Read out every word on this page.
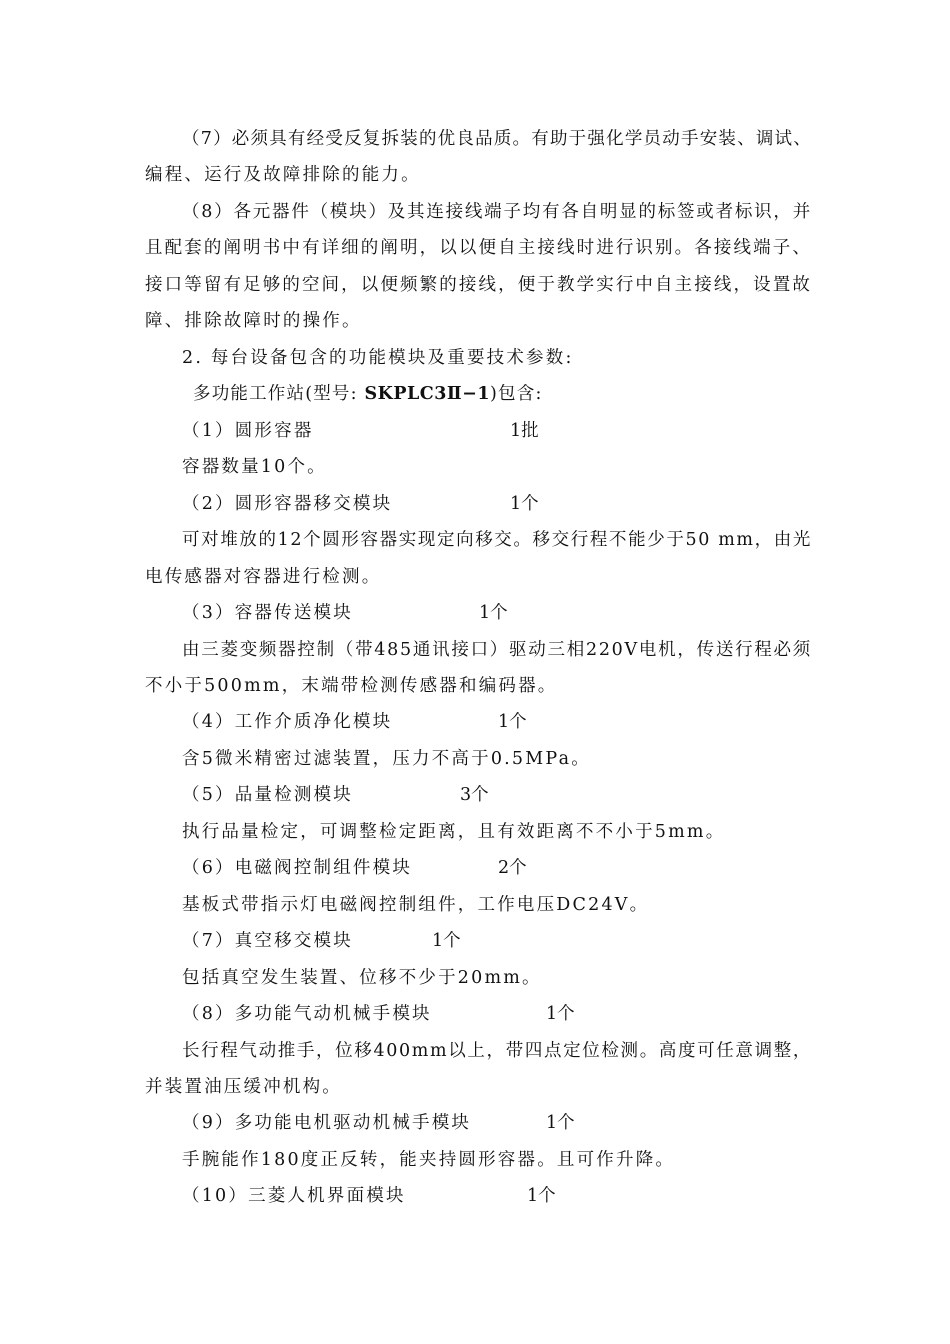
（7）必须具有经受反复拆装的优良品质。有助于强化学员动手安装、调试、
编程、运行及故障排除的能力。
（8）各元器件（模块）及其连接线端子均有各自明显的标签或者标识，并
且配套的阐明书中有详细的阐明，以以便自主接线时进行识别。各接线端子、
接口等留有足够的空间，以便频繁的接线，便于教学实行中自主接线，设置故
障、排除故障时的操作。
2. 每台设备包含的功能模块及重要技术参数:
多功能工作站(型号: SKPLC3Ⅱ−1)包含:
（1）圆形容器	1批
容器数量10个。
（2）圆形容器移交模块	1个
可对堆放的12个圆形容器实现定向移交。移交行程不能少于50 mm，由光
电传感器对容器进行检测。
（3）容器传送模块	1个
由三菱变频器控制（带485通讯接口）驱动三相220V电机，传送行程必须
不小于500mm，末端带检测传感器和编码器。
（4）工作介质净化模块	1个
含5微米精密过滤装置，压力不高于0.5MPa。
（5）品量检测模块	3个
执行品量检定，可调整检定距离，且有效距离不不小于5mm。
（6）电磁阀控制组件模块	2个
基板式带指示灯电磁阀控制组件，工作电压DC24V。
（7）真空移交模块	1个
包括真空发生装置、位移不少于20mm。
（8）多功能气动机械手模块	1个
长行程气动推手，位移400mm以上，带四点定位检测。高度可任意调整，
并装置油压缓冲机构。
（9）多功能电机驱动机械手模块	1个
手腕能作180度正反转，能夹持圆形容器。且可作升降。
（10）三菱人机界面模块	1个
